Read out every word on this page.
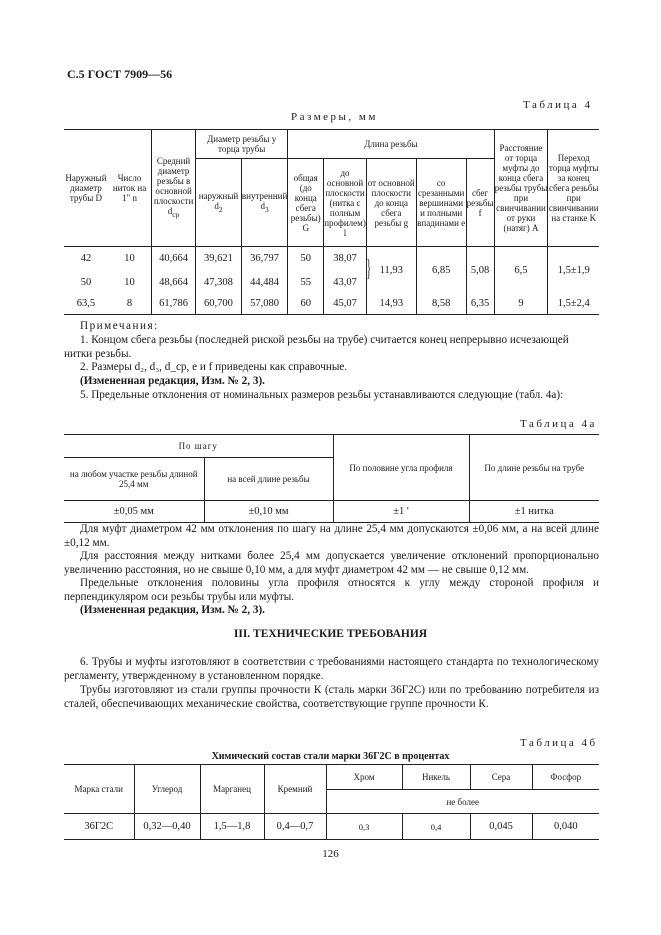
С.5 ГОСТ 7909—56
Таблица 4
Размеры, мм
Наружный диаметр трубы D	Число ниток на 1" n	Средний диаметр резьбы в основной плоскости $d_{ср}$	Диаметр резьбы у торца трубы		Длина резьбы					Расстояние от торца муфты до конца сбега резьбы трубы при свинчивании от руки (натяг) A	Переход торца муфты за конец сбега резьбы при свинчивании на станке K
			наружный $d_2$	внутренний $d_3$	общая (до конца сбега резьбы) G	до основной плоскости (нитка с полным профилем) l	от основной плоскости до конца сбега резьбы g	со срезанными вершинами и полными впадинами e	сбег резьбы f		
42	10	40,664	39,621	36,797	50	38,07	} 11,93	6,85	5,08	6,5	1,5±1,9
50	10	48,664	47,308	44,484	55	43,07					
63,5	8	61,786	60,700	57,080	60	45,07	14,93	8,58	6,35	9	1,5±2,4

Примечания:

1. Концом сбега резьбы (последней риской резьбы на трубе) считается конец непрерывно исчезающей нитки резьбы.

2. Размеры d₂, d₃, d_ср, e и f приведены как справочные.

(Измененная редакция, Изм. № 2, 3).

5. Предельные отклонения от номинальных размеров резьбы устанавливаются следующие (табл. 4а):

Таблица 4а
По шагу		По половине угла профиля	По длине резьбы на трубе
на любом участке резьбы длиной 25,4 мм	на всей длине резьбы		
±0,05 мм	±0,10 мм	±1 '	±1 нитка

Для муфт диаметром 42 мм отклонения по шагу на длине 25,4 мм допускаются ±0,06 мм, а на всей длине ±0,12 мм.

Для расстояния между нитками более 25,4 мм допускается увеличение отклонений пропорционально увеличению расстояния, но не свыше 0,10 мм, а для муфт диаметром 42 мм — не свыше 0,12 мм.

Предельные отклонения половины угла профиля относятся к углу между стороной профиля и перпендикуляром оси резьбы трубы или муфты.

(Измененная редакция, Изм. № 2, 3).

III. ТЕХНИЧЕСКИЕ ТРЕБОВАНИЯ

6. Трубы и муфты изготовляют в соответствии с требованиями настоящего стандарта по технологическому регламенту, утвержденному в установленном порядке.

Трубы изготовляют из стали группы прочности К (сталь марки 36Г2С) или по требованию потребителя из сталей, обеспечивающих механические свойства, соответствующие группе прочности К.

Таблица 4б
Химический состав стали марки 36Г2С в процентах
Марка стали	Углерод	Марганец	Кремний	Хром	Никель	Сера	Фосфор
				не более			
36Г2С	0,32—0,40	1,5—1,8	0,4—0,7	0,3	0,4	0,045	0,040
126
